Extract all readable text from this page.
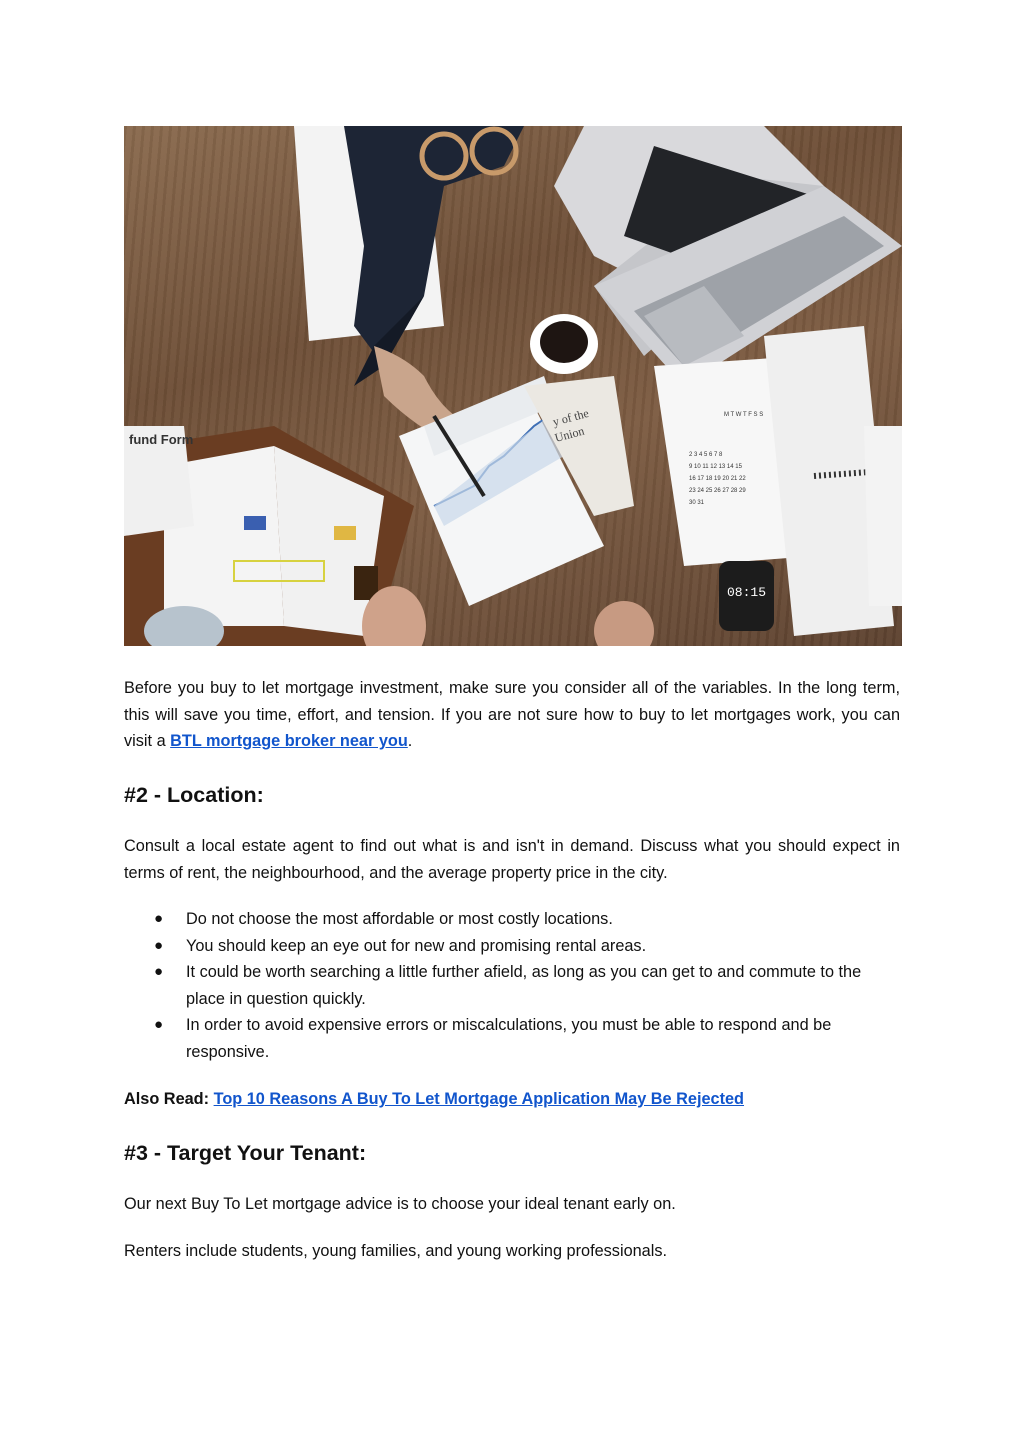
y of the
Union
fund Form
M T W T F S S
2 3 4 5 6 7 8
9 10 11 12 13 14 15
16 17 18 19 20 21 22
23 24 25 26 27 28 29
30 31
08:15

Before you buy to let mortgage investment, make sure you consider all of the variables. In the long term, this will save you time, effort, and tension. If you are not sure how to buy to let mortgages work, you can visit a BTL mortgage broker near you.

#2 - Location:

Consult a local estate agent to find out what is and isn't in demand. Discuss what you should expect in terms of rent, the neighbourhood, and the average property price in the city.

● Do not choose the most affordable or most costly locations.
● You should keep an eye out for new and promising rental areas.
● It could be worth searching a little further afield, as long as you can get to and commute to the place in question quickly.
● In order to avoid expensive errors or miscalculations, you must be able to respond and be responsive.
Also Read: Top 10 Reasons A Buy To Let Mortgage Application May Be Rejected
#3 - Target Your Tenant:

Our next Buy To Let mortgage advice is to choose your ideal tenant early on.

Renters include students, young families, and young working professionals.
